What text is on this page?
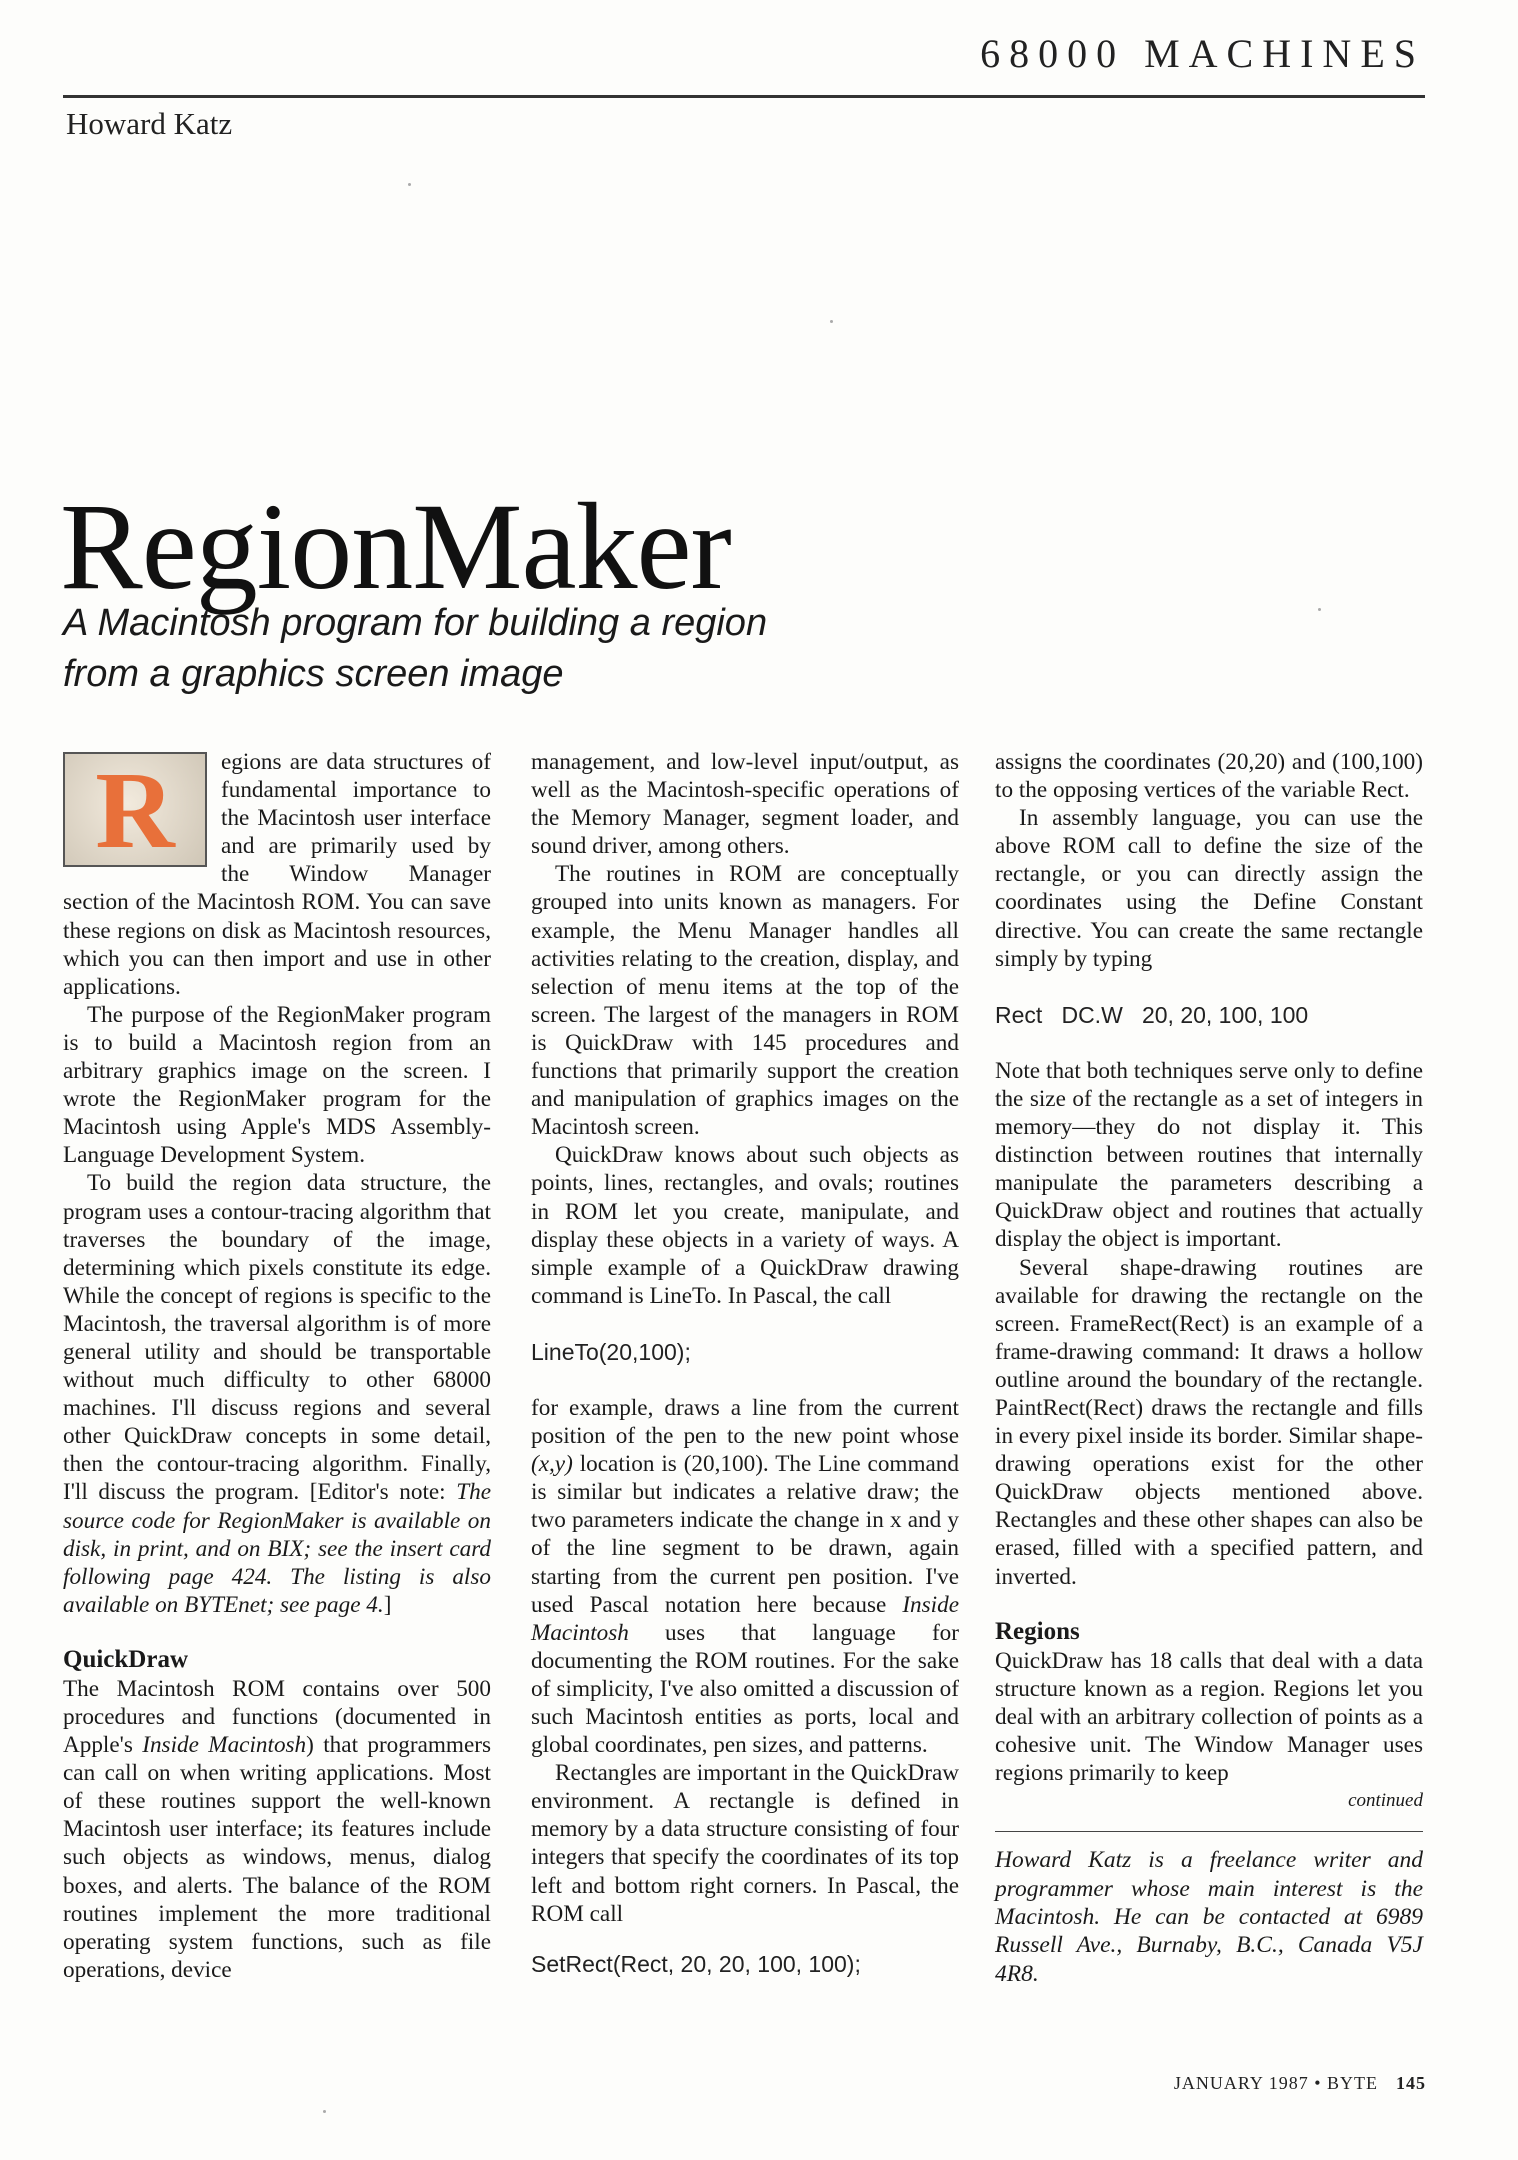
68000 MACHINES
Howard Katz
RegionMaker
A Macintosh program for building a region
from a graphics screen image

R	egions are data structures of fundamental importance to the Macintosh user interface and are primarily used by the Window Manager section of the Macintosh ROM. You can save these regions on disk as Macintosh resources, which you can then import and use in other applications.

The purpose of the RegionMaker program is to build a Macintosh region from an arbitrary graphics image on the screen. I wrote the RegionMaker program for the Macintosh using Apple's MDS Assembly-Language Development System.

To build the region data structure, the program uses a contour-tracing algorithm that traverses the boundary of the image, determining which pixels constitute its edge. While the concept of regions is specific to the Macintosh, the traversal algorithm is of more general utility and should be transportable without much difficulty to other 68000 machines. I'll discuss regions and several other QuickDraw concepts in some detail, then the contour-tracing algorithm. Finally, I'll discuss the program. [Editor's note: The source code for RegionMaker is available on disk, in print, and on BIX; see the insert card following page 424. The listing is also available on BYTEnet; see page 4.]

QuickDraw

The Macintosh ROM contains over 500 procedures and functions (documented in Apple's Inside Macintosh) that programmers can call on when writing applications. Most of these routines support the well-known Macintosh user interface; its features include such objects as windows, menus, dialog boxes, and alerts. The balance of the ROM routines implement the more traditional operating system functions, such as file operations, device

management, and low-level input/output, as well as the Macintosh-specific operations of the Memory Manager, segment loader, and sound driver, among others.

The routines in ROM are conceptually grouped into units known as managers. For example, the Menu Manager handles all activities relating to the creation, display, and selection of menu items at the top of the screen. The largest of the managers in ROM is QuickDraw with 145 procedures and functions that primarily support the creation and manipulation of graphics images on the Macintosh screen.

QuickDraw knows about such objects as points, lines, rectangles, and ovals; routines in ROM let you create, manipulate, and display these objects in a variety of ways. A simple example of a QuickDraw drawing command is LineTo. In Pascal, the call

LineTo(20,100);

for example, draws a line from the current position of the pen to the new point whose (x,y) location is (20,100). The Line command is similar but indicates a relative draw; the two parameters indicate the change in x and y of the line segment to be drawn, again starting from the current pen position. I've used Pascal notation here because Inside Macintosh uses that language for documenting the ROM routines. For the sake of simplicity, I've also omitted a discussion of such Macintosh entities as ports, local and global coordinates, pen sizes, and patterns.

Rectangles are important in the QuickDraw environment. A rectangle is defined in memory by a data structure consisting of four integers that specify the coordinates of its top left and bottom right corners. In Pascal, the ROM call

SetRect(Rect, 20, 20, 100, 100);

assigns the coordinates (20,20) and (100,100) to the opposing vertices of the variable Rect.

In assembly language, you can use the above ROM call to define the size of the rectangle, or you can directly assign the coordinates using the Define Constant directive. You can create the same rectangle simply by typing

Rect   DC.W   20, 20, 100, 100

Note that both techniques serve only to define the size of the rectangle as a set of integers in memory—they do not display it. This distinction between routines that internally manipulate the parameters describing a QuickDraw object and routines that actually display the object is important.

Several shape-drawing routines are available for drawing the rectangle on the screen. FrameRect(Rect) is an example of a frame-drawing command: It draws a hollow outline around the boundary of the rectangle. PaintRect(Rect) draws the rectangle and fills in every pixel inside its border. Similar shape-drawing operations exist for the other QuickDraw objects mentioned above. Rectangles and these other shapes can also be erased, filled with a specified pattern, and inverted.

Regions

QuickDraw has 18 calls that deal with a data structure known as a region. Regions let you deal with an arbitrary collection of points as a cohesive unit. The Window Manager uses regions primarily to keep

continued
Howard Katz is a freelance writer and programmer whose main interest is the Macintosh. He can be contacted at 6989 Russell Ave., Burnaby, B.C., Canada V5J 4R8.
JANUARY 1987 • BYTE 145
